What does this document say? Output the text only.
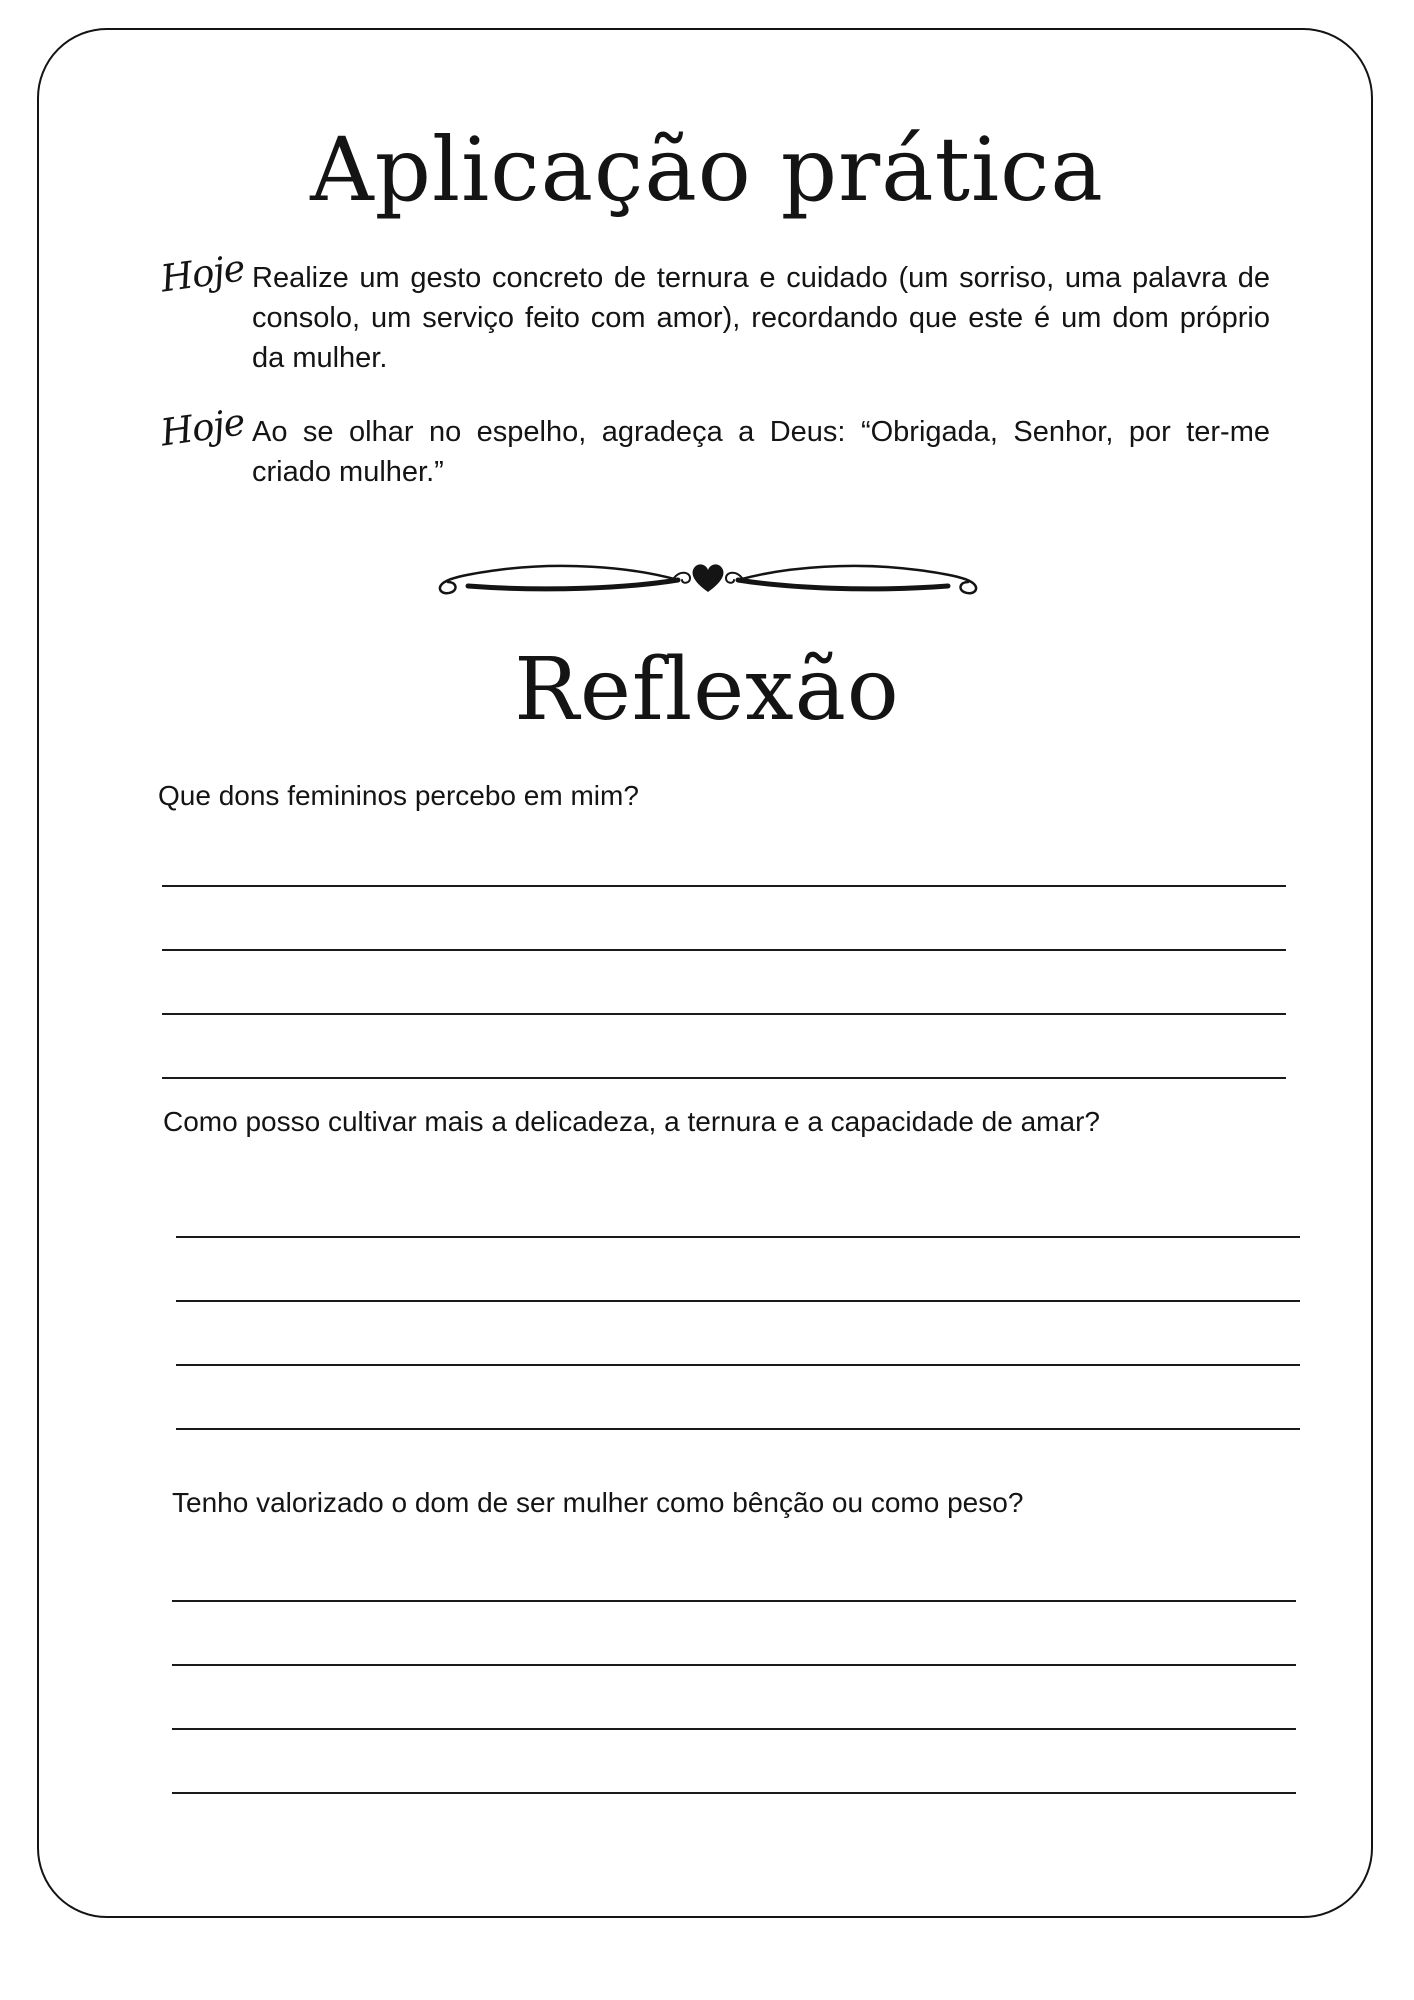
Aplicação prática
Hoje Realize um gesto concreto de ternura e cuidado (um sorriso, uma palavra de consolo, um serviço feito com amor), recordando que este é um dom próprio da mulher.

Hoje Ao se olhar no espelho, agradeça a Deus: “Obrigada, Senhor, por ter-me criado mulher.”

Reflexão

Que dons femininos percebo em mim?

Como posso cultivar mais a delicadeza, a ternura e a capacidade de amar?

Tenho valorizado o dom de ser mulher como bênção ou como peso?
